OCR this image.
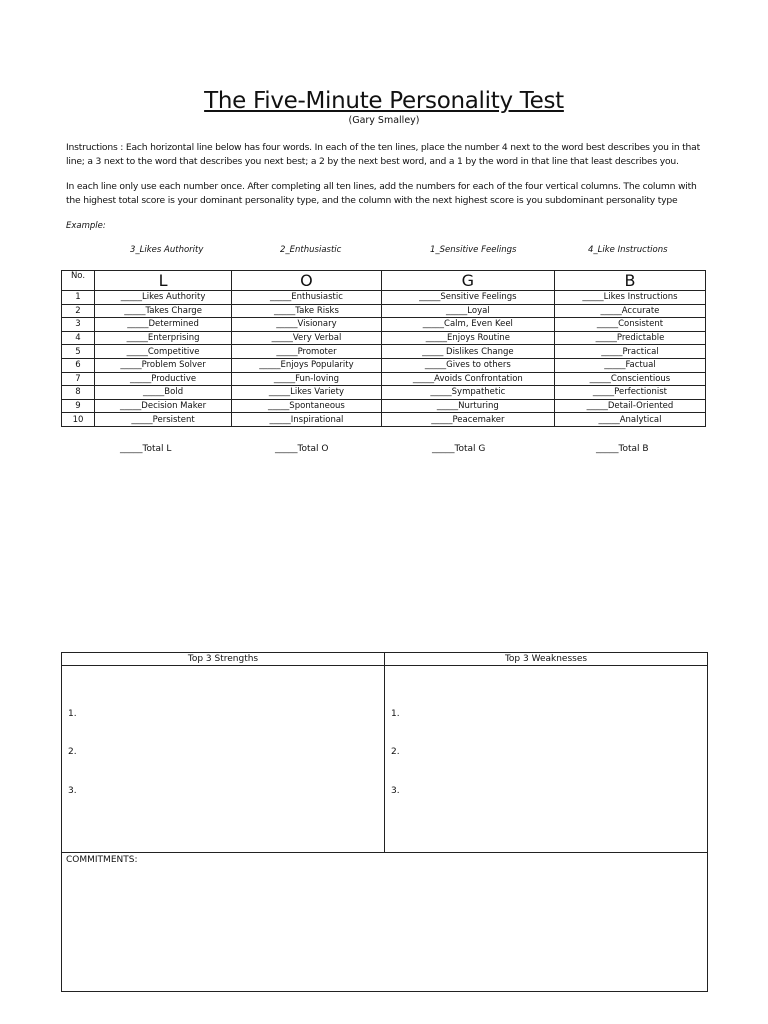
The Five-Minute Personality Test
(Gary Smalley)
Instructions : Each horizontal line below has four words. In each of the ten lines, place the number 4 next to the word best describes you in that line; a 3 next to the word that describes you next best; a 2 by the next best word, and a 1 by the word in that line that least describes you.
In each line only use each number once. After completing all ten lines, add the numbers for each of the four vertical columns. The column with the highest total score is your dominant personality type, and the column with the next highest score is you subdominant personality type
Example:
3_Likes Authority	2_Enthusiastic	1_Sensitive Feelings	4_Like Instructions
No.	L	O	G	B
1	_____Likes Authority	_____Enthusiastic	_____Sensitive Feelings	_____Likes Instructions
2	_____Takes Charge	_____Take Risks	_____Loyal	_____Accurate
3	_____Determined	_____Visionary	_____Calm, Even Keel	_____Consistent
4	_____Enterprising	_____Very Verbal	_____Enjoys Routine	_____Predictable
5	_____Competitive	_____Promoter	_____ Dislikes Change	_____Practical
6	_____Problem Solver	_____Enjoys Popularity	_____Gives to others	_____Factual
7	_____Productive	_____Fun-loving	_____Avoids Confrontation	_____Conscientious
8	_____Bold	_____Likes Variety	_____Sympathetic	_____Perfectionist
9	_____Decision Maker	_____Spontaneous	_____Nurturing	_____Detail-Oriented
10	_____Persistent	_____Inspirational	_____Peacemaker	_____Analytical
_____Total L	_____Total O	_____Total G	_____Total B
Top 3 Strengths	Top 3 Weaknesses

1.
2.
3.	1.
2.
3.

COMMITMENTS:	
